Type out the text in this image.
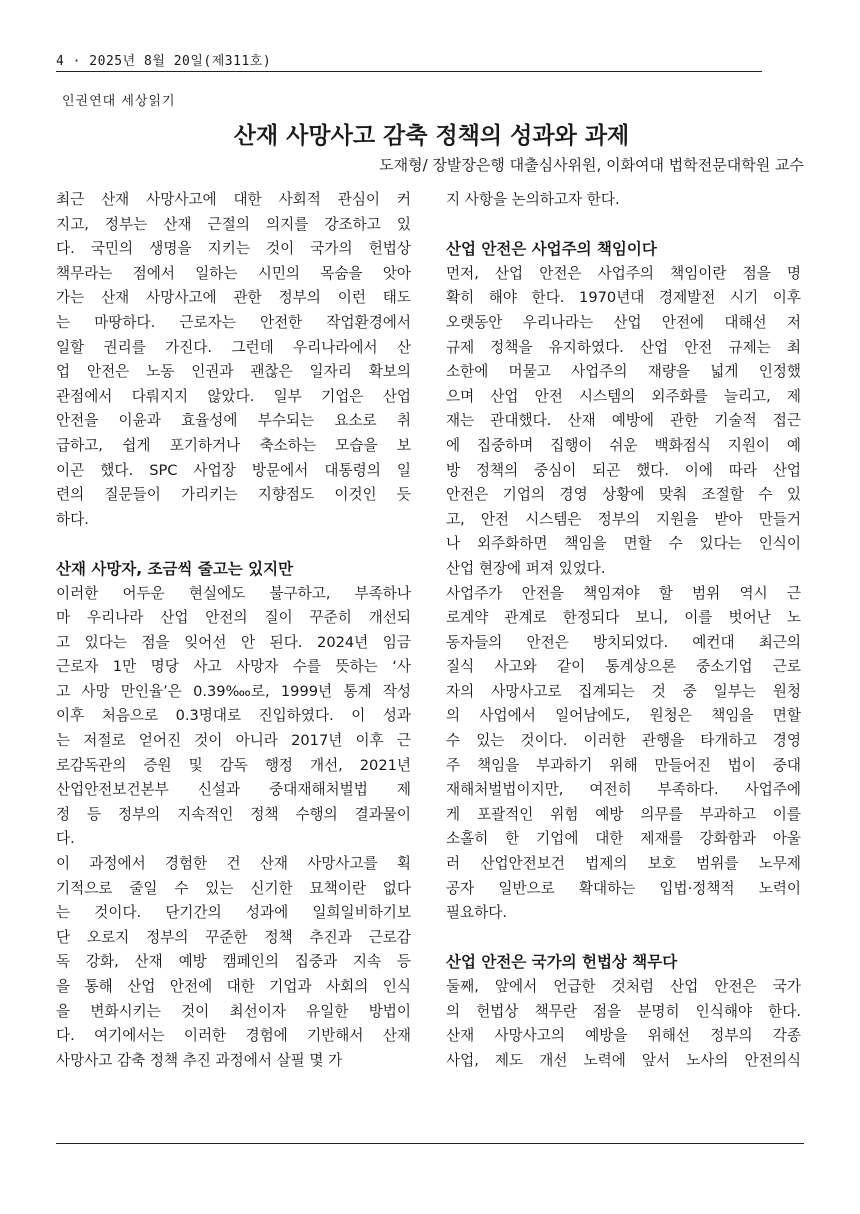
4 · 2025년 8월 20일(제311호)
인권연대 세상읽기
산재 사망사고 감축 정책의 성과와 과제
도재형/ 장발장은행 대출심사위원, 이화여대 법학전문대학원 교수
최근 산재 사망사고에 대한 사회적 관심이 커
지고, 정부는 산재 근절의 의지를 강조하고 있
다. 국민의 생명을 지키는 것이 국가의 헌법상
책무라는 점에서 일하는 시민의 목숨을 앗아
가는 산재 사망사고에 관한 정부의 이런 태도
는 마땅하다. 근로자는 안전한 작업환경에서
일할 권리를 가진다. 그런데 우리나라에서 산
업 안전은 노동 인권과 괜찮은 일자리 확보의
관점에서 다뤄지지 않았다. 일부 기업은 산업
안전을 이윤과 효율성에 부수되는 요소로 취
급하고, 쉽게 포기하거나 축소하는 모습을 보
이곤 했다. SPC 사업장 방문에서 대통령의 일
련의 질문들이 가리키는 지향점도 이것인 듯
하다.
산재 사망자, 조금씩 줄고는 있지만
이러한 어두운 현실에도 불구하고, 부족하나
마 우리나라 산업 안전의 질이 꾸준히 개선되
고 있다는 점을 잊어선 안 된다. 2024년 임금
근로자 1만 명당 사고 사망자 수를 뜻하는 ‘사
고 사망 만인율’은 0.39‱로, 1999년 통계 작성
이후 처음으로 0.3명대로 진입하였다. 이 성과
는 저절로 얻어진 것이 아니라 2017년 이후 근
로감독관의 증원 및 감독 행정 개선, 2021년
산업안전보건본부 신설과 중대재해처벌법 제
정 등 정부의 지속적인 정책 수행의 결과물이
다.
이 과정에서 경험한 건 산재 사망사고를 획
기적으로 줄일 수 있는 신기한 묘책이란 없다
는 것이다. 단기간의 성과에 일희일비하기보
단 오로지 정부의 꾸준한 정책 추진과 근로감
독 강화, 산재 예방 캠페인의 집중과 지속 등
을 통해 산업 안전에 대한 기업과 사회의 인식
을 변화시키는 것이 최선이자 유일한 방법이
다. 여기에서는 이러한 경험에 기반해서 산재
사망사고 감축 정책 추진 과정에서 살필 몇 가
지 사항을 논의하고자 한다.
산업 안전은 사업주의 책임이다
먼저, 산업 안전은 사업주의 책임이란 점을 명
확히 해야 한다. 1970년대 경제발전 시기 이후
오랫동안 우리나라는 산업 안전에 대해선 저
규제 정책을 유지하였다. 산업 안전 규제는 최
소한에 머물고 사업주의 재량을 넓게 인정했
으며 산업 안전 시스템의 외주화를 늘리고, 제
재는 관대했다. 산재 예방에 관한 기술적 접근
에 집중하며 집행이 쉬운 백화점식 지원이 예
방 정책의 중심이 되곤 했다. 이에 따라 산업
안전은 기업의 경영 상황에 맞춰 조절할 수 있
고, 안전 시스템은 정부의 지원을 받아 만들거
나 외주화하면 책임을 면할 수 있다는 인식이
산업 현장에 퍼져 있었다.
사업주가 안전을 책임져야 할 범위 역시 근
로계약 관계로 한정되다 보니, 이를 벗어난 노
동자들의 안전은 방치되었다. 예컨대 최근의
질식 사고와 같이 통계상으론 중소기업 근로
자의 사망사고로 집계되는 것 중 일부는 원청
의 사업에서 일어남에도, 원청은 책임을 면할
수 있는 것이다. 이러한 관행을 타개하고 경영
주 책임을 부과하기 위해 만들어진 법이 중대
재해처벌법이지만, 여전히 부족하다. 사업주에
게 포괄적인 위험 예방 의무를 부과하고 이를
소홀히 한 기업에 대한 제재를 강화함과 아울
러 산업안전보건 법제의 보호 범위를 노무제
공자 일반으로 확대하는 입법·정책적 노력이
필요하다.
산업 안전은 국가의 헌법상 책무다
둘째, 앞에서 언급한 것처럼 산업 안전은 국가
의 헌법상 책무란 점을 분명히 인식해야 한다.
산재 사망사고의 예방을 위해선 정부의 각종
사업, 제도 개선 노력에 앞서 노사의 안전의식
